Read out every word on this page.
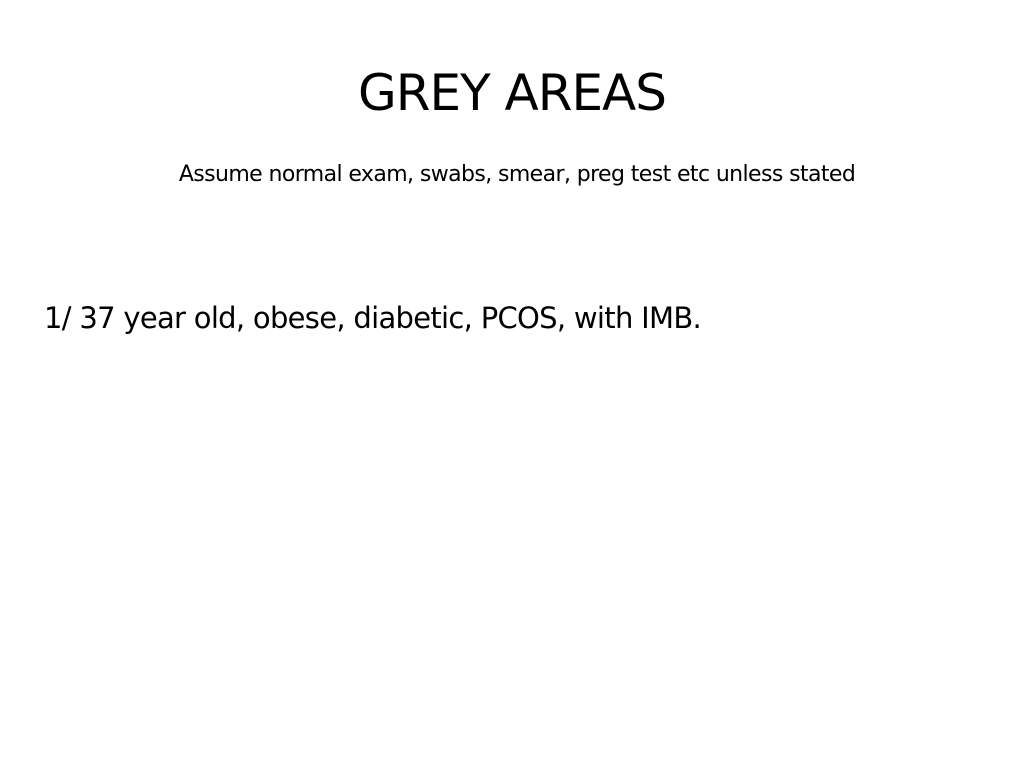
GREY AREAS
Assume normal exam, swabs, smear, preg test etc unless stated
1/ 37 year old, obese, diabetic, PCOS, with IMB.
